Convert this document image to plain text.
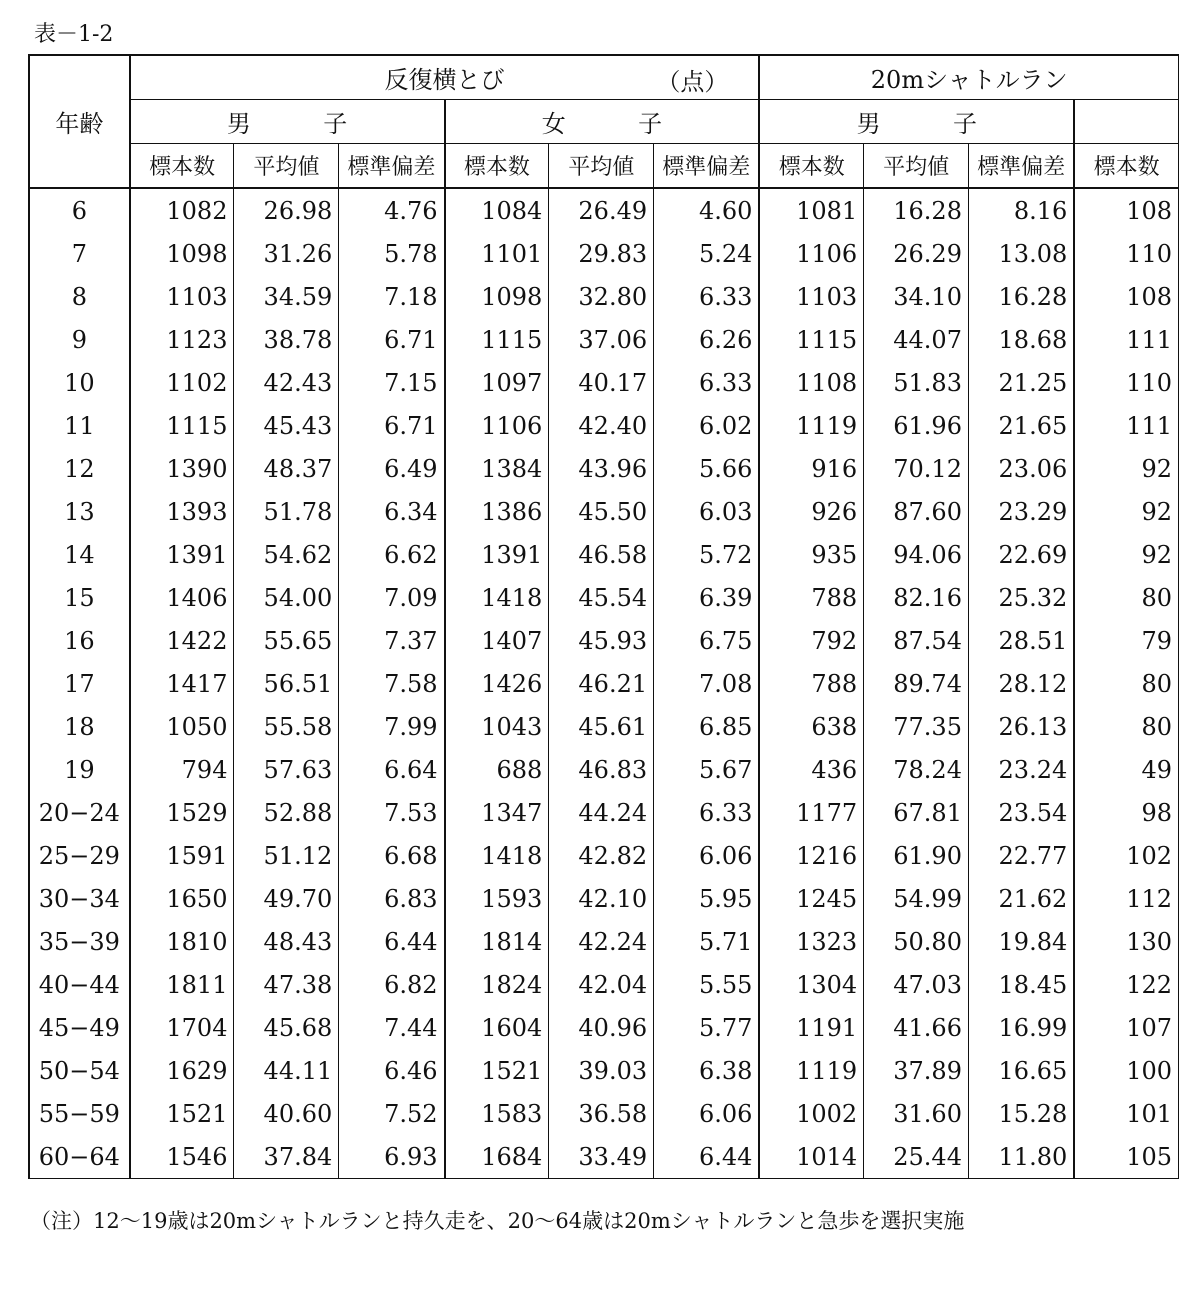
表－1-2
年齢	反復横とび （点）						20mシャトルラン			

	男 子			女 子			男 子			

	標本数	平均値	標準偏差	標本数	平均値	標準偏差	標本数	平均値	標準偏差	標本数
6	1082	26.98	4.76	1084	26.49	4.60	1081	16.28	8.16	108
7	1098	31.26	5.78	1101	29.83	5.24	1106	26.29	13.08	110
8	1103	34.59	7.18	1098	32.80	6.33	1103	34.10	16.28	108
9	1123	38.78	6.71	1115	37.06	6.26	1115	44.07	18.68	111
10	1102	42.43	7.15	1097	40.17	6.33	1108	51.83	21.25	110
11	1115	45.43	6.71	1106	42.40	6.02	1119	61.96	21.65	111
12	1390	48.37	6.49	1384	43.96	5.66	916	70.12	23.06	92
13	1393	51.78	6.34	1386	45.50	6.03	926	87.60	23.29	92
14	1391	54.62	6.62	1391	46.58	5.72	935	94.06	22.69	92
15	1406	54.00	7.09	1418	45.54	6.39	788	82.16	25.32	80
16	1422	55.65	7.37	1407	45.93	6.75	792	87.54	28.51	79
17	1417	56.51	7.58	1426	46.21	7.08	788	89.74	28.12	80
18	1050	55.58	7.99	1043	45.61	6.85	638	77.35	26.13	80
19	794	57.63	6.64	688	46.83	5.67	436	78.24	23.24	49
20−24	1529	52.88	7.53	1347	44.24	6.33	1177	67.81	23.54	98
25−29	1591	51.12	6.68	1418	42.82	6.06	1216	61.90	22.77	102
30−34	1650	49.70	6.83	1593	42.10	5.95	1245	54.99	21.62	112
35−39	1810	48.43	6.44	1814	42.24	5.71	1323	50.80	19.84	130
40−44	1811	47.38	6.82	1824	42.04	5.55	1304	47.03	18.45	122
45−49	1704	45.68	7.44	1604	40.96	5.77	1191	41.66	16.99	107
50−54	1629	44.11	6.46	1521	39.03	6.38	1119	37.89	16.65	100
55−59	1521	40.60	7.52	1583	36.58	6.06	1002	31.60	15.28	101
60−64	1546	37.84	6.93	1684	33.49	6.44	1014	25.44	11.80	105
（注）12〜19歳は20mシャトルランと持久走を、20〜64歳は20mシャトルランと急歩を選択実施
